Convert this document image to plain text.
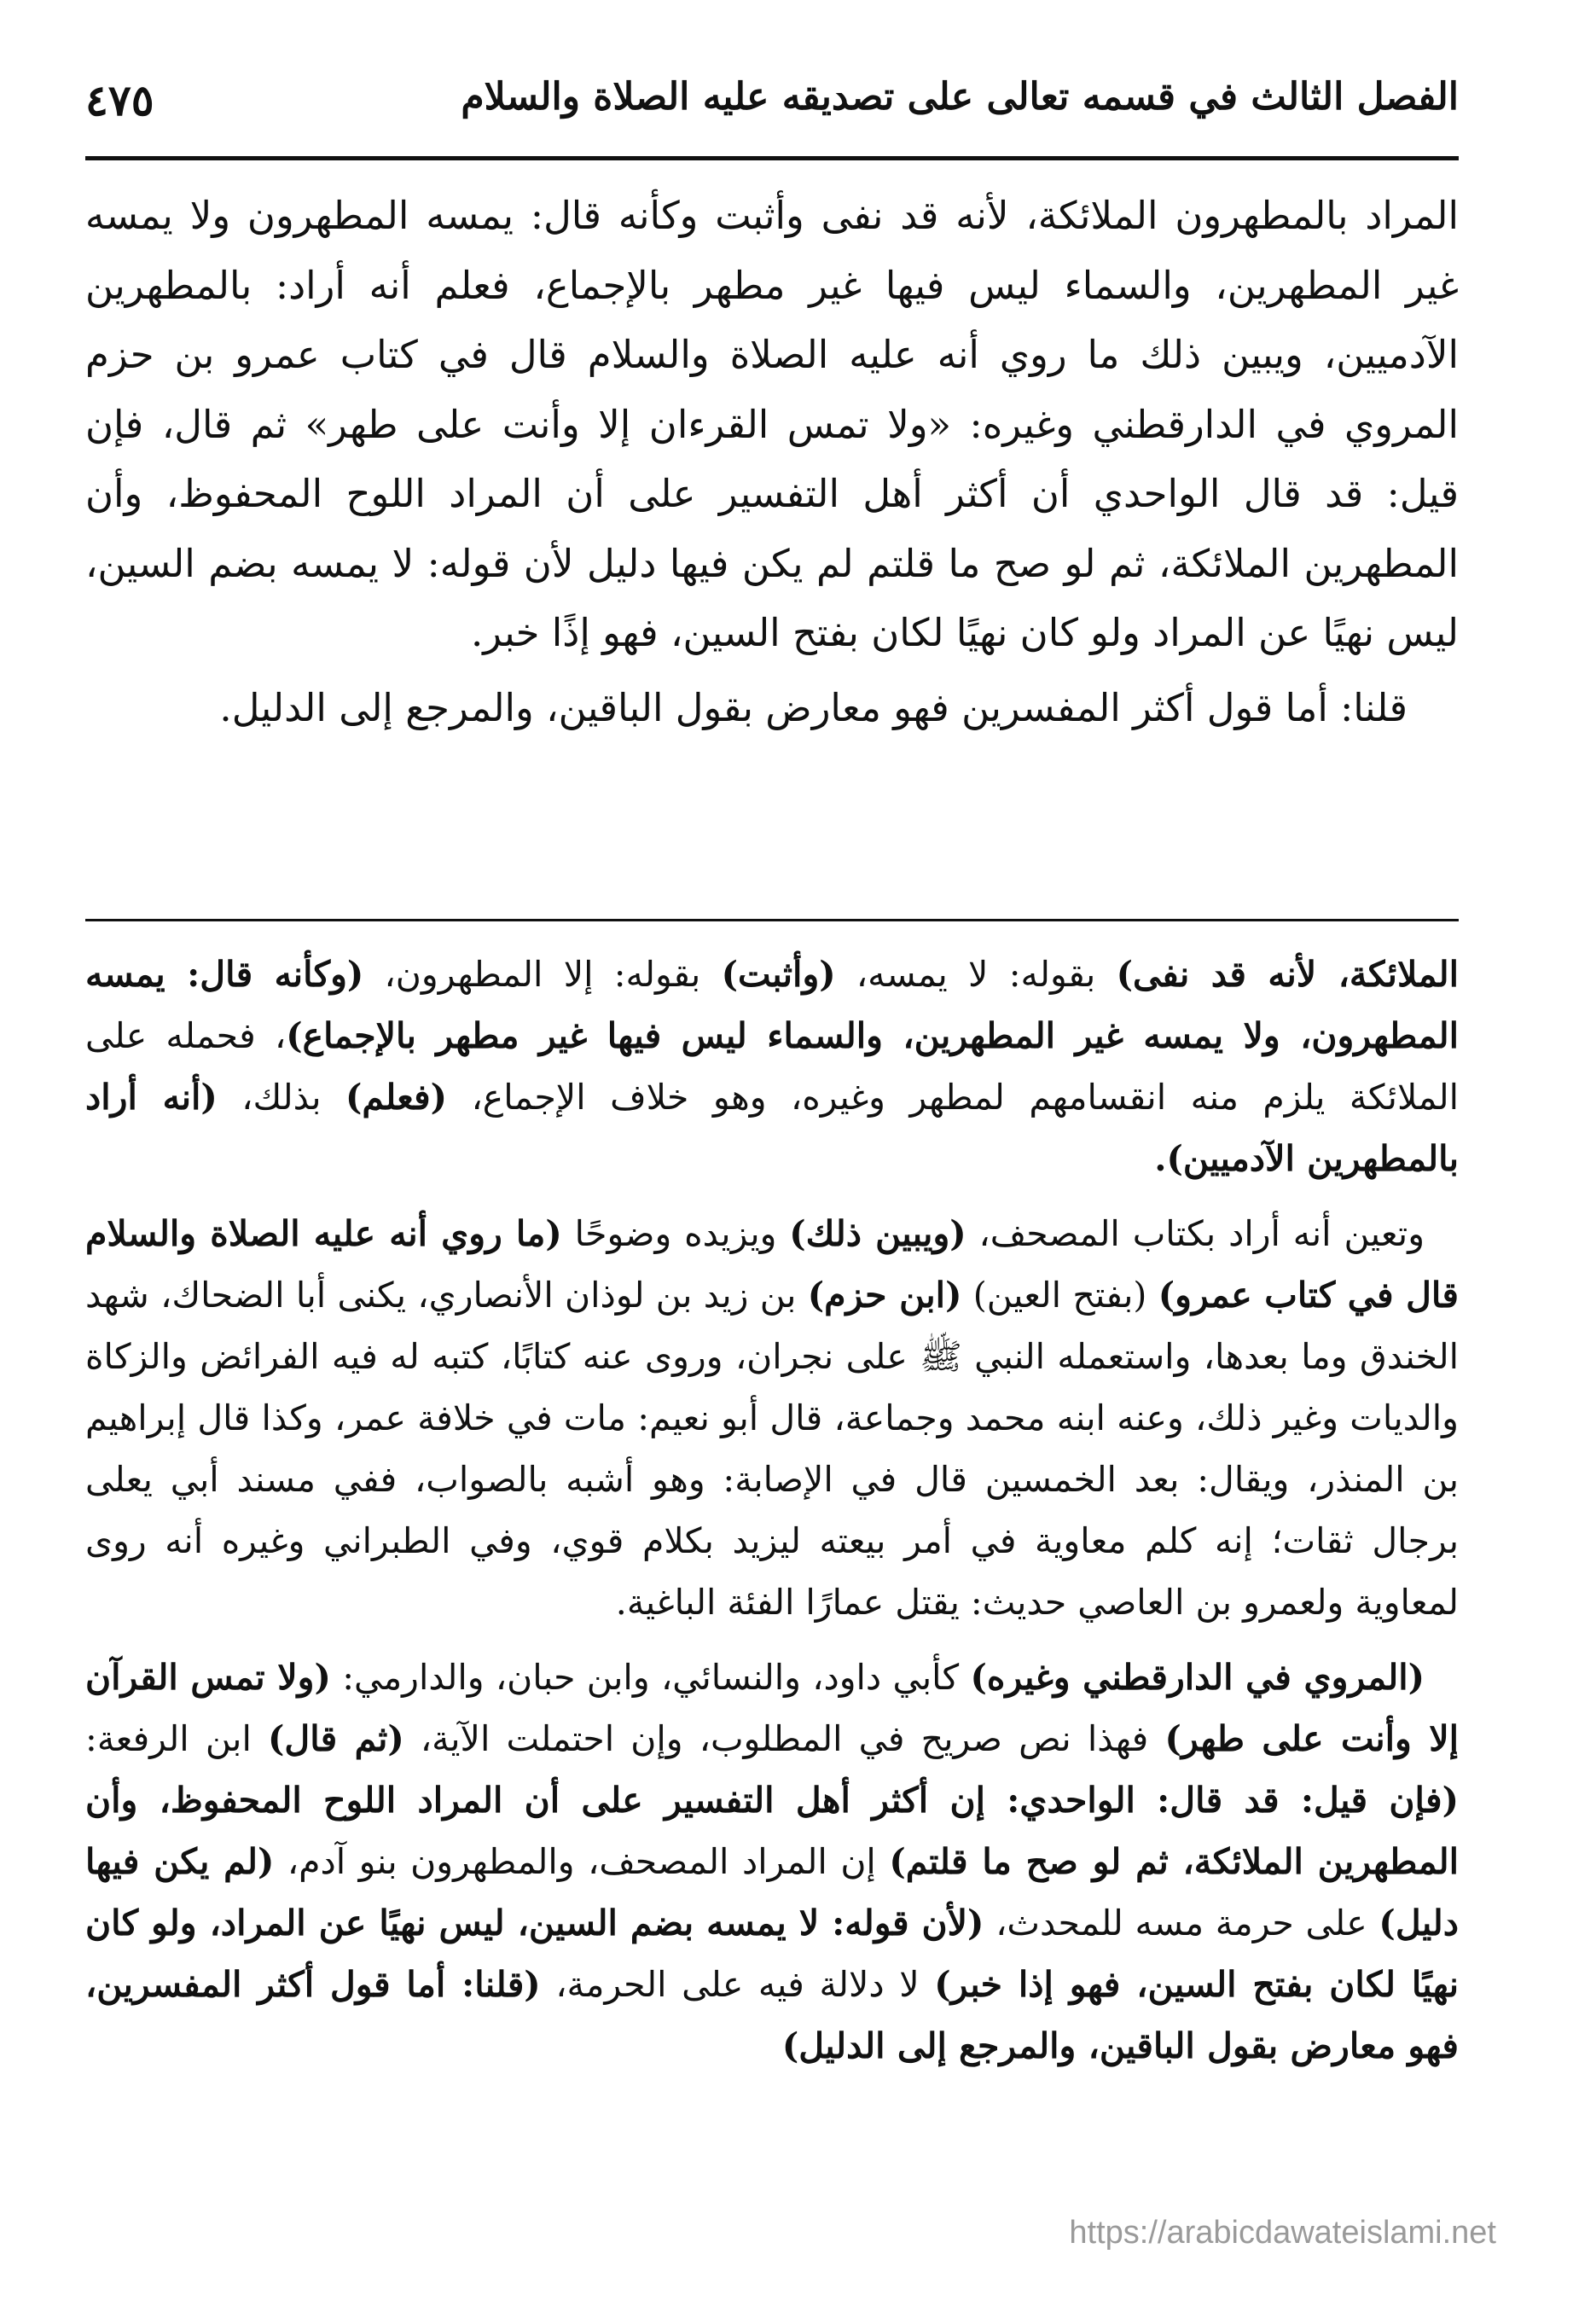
الفصل الثالث في قسمه تعالى على تصديقه عليه الصلاة والسلام
٤٧٥

المراد بالمطهرون الملائكة، لأنه قد نفى وأثبت وكأنه قال: يمسه المطهرون ولا يمسه غير المطهرين، والسماء ليس فيها غير مطهر بالإجماع، فعلم أنه أراد: بالمطهرين الآدميين، ويبين ذلك ما روي أنه عليه الصلاة والسلام قال في كتاب عمرو بن حزم المروي في الدارقطني وغيره: «ولا تمس القرءان إلا وأنت على طهر» ثم قال، فإن قيل: قد قال الواحدي أن أكثر أهل التفسير على أن المراد اللوح المحفوظ، وأن المطهرين الملائكة، ثم لو صح ما قلتم لم يكن فيها دليل لأن قوله: لا يمسه بضم السين، ليس نهيًا عن المراد ولو كان نهيًا لكان بفتح السين، فهو إذًا خبر.

قلنا: أما قول أكثر المفسرين فهو معارض بقول الباقين، والمرجع إلى الدليل.

الملائكة، لأنه قد نفى) بقوله: لا يمسه، (وأثبت) بقوله: إلا المطهرون، (وكأنه قال: يمسه المطهرون، ولا يمسه غير المطهرين، والسماء ليس فيها غير مطهر بالإجماع)، فحمله على الملائكة يلزم منه انقسامهم لمطهر وغيره، وهو خلاف الإجماع، (فعلم) بذلك، (أنه أراد بالمطهرين الآدميين).

وتعين أنه أراد بكتاب المصحف، (ويبين ذلك) ويزيده وضوحًا (ما روي أنه عليه الصلاة والسلام قال في كتاب عمرو) (بفتح العين) (ابن حزم) بن زيد بن لوذان الأنصاري، يكنى أبا الضحاك، شهد الخندق وما بعدها، واستعمله النبي ﷺ على نجران، وروى عنه كتابًا، كتبه له فيه الفرائض والزكاة والديات وغير ذلك، وعنه ابنه محمد وجماعة، قال أبو نعيم: مات في خلافة عمر، وكذا قال إبراهيم بن المنذر، ويقال: بعد الخمسين قال في الإصابة: وهو أشبه بالصواب، ففي مسند أبي يعلى برجال ثقات؛ إنه كلم معاوية في أمر بيعته ليزيد بكلام قوي، وفي الطبراني وغيره أنه روى لمعاوية ولعمرو بن العاصي حديث: يقتل عمارًا الفئة الباغية.

(المروي في الدارقطني وغيره) كأبي داود، والنسائي، وابن حبان، والدارمي: (ولا تمس القرآن إلا وأنت على طهر) فهذا نص صريح في المطلوب، وإن احتملت الآية، (ثم قال) ابن الرفعة: (فإن قيل: قد قال: الواحدي: إن أكثر أهل التفسير على أن المراد اللوح المحفوظ، وأن المطهرين الملائكة، ثم لو صح ما قلتم) إن المراد المصحف، والمطهرون بنو آدم، (لم يكن فيها دليل) على حرمة مسه للمحدث، (لأن قوله: لا يمسه بضم السين، ليس نهيًا عن المراد، ولو كان نهيًا لكان بفتح السين، فهو إذا خبر) لا دلالة فيه على الحرمة، (قلنا: أما قول أكثر المفسرين، فهو معارض بقول الباقين، والمرجع إلى الدليل)

https://arabicdawateislami.net
